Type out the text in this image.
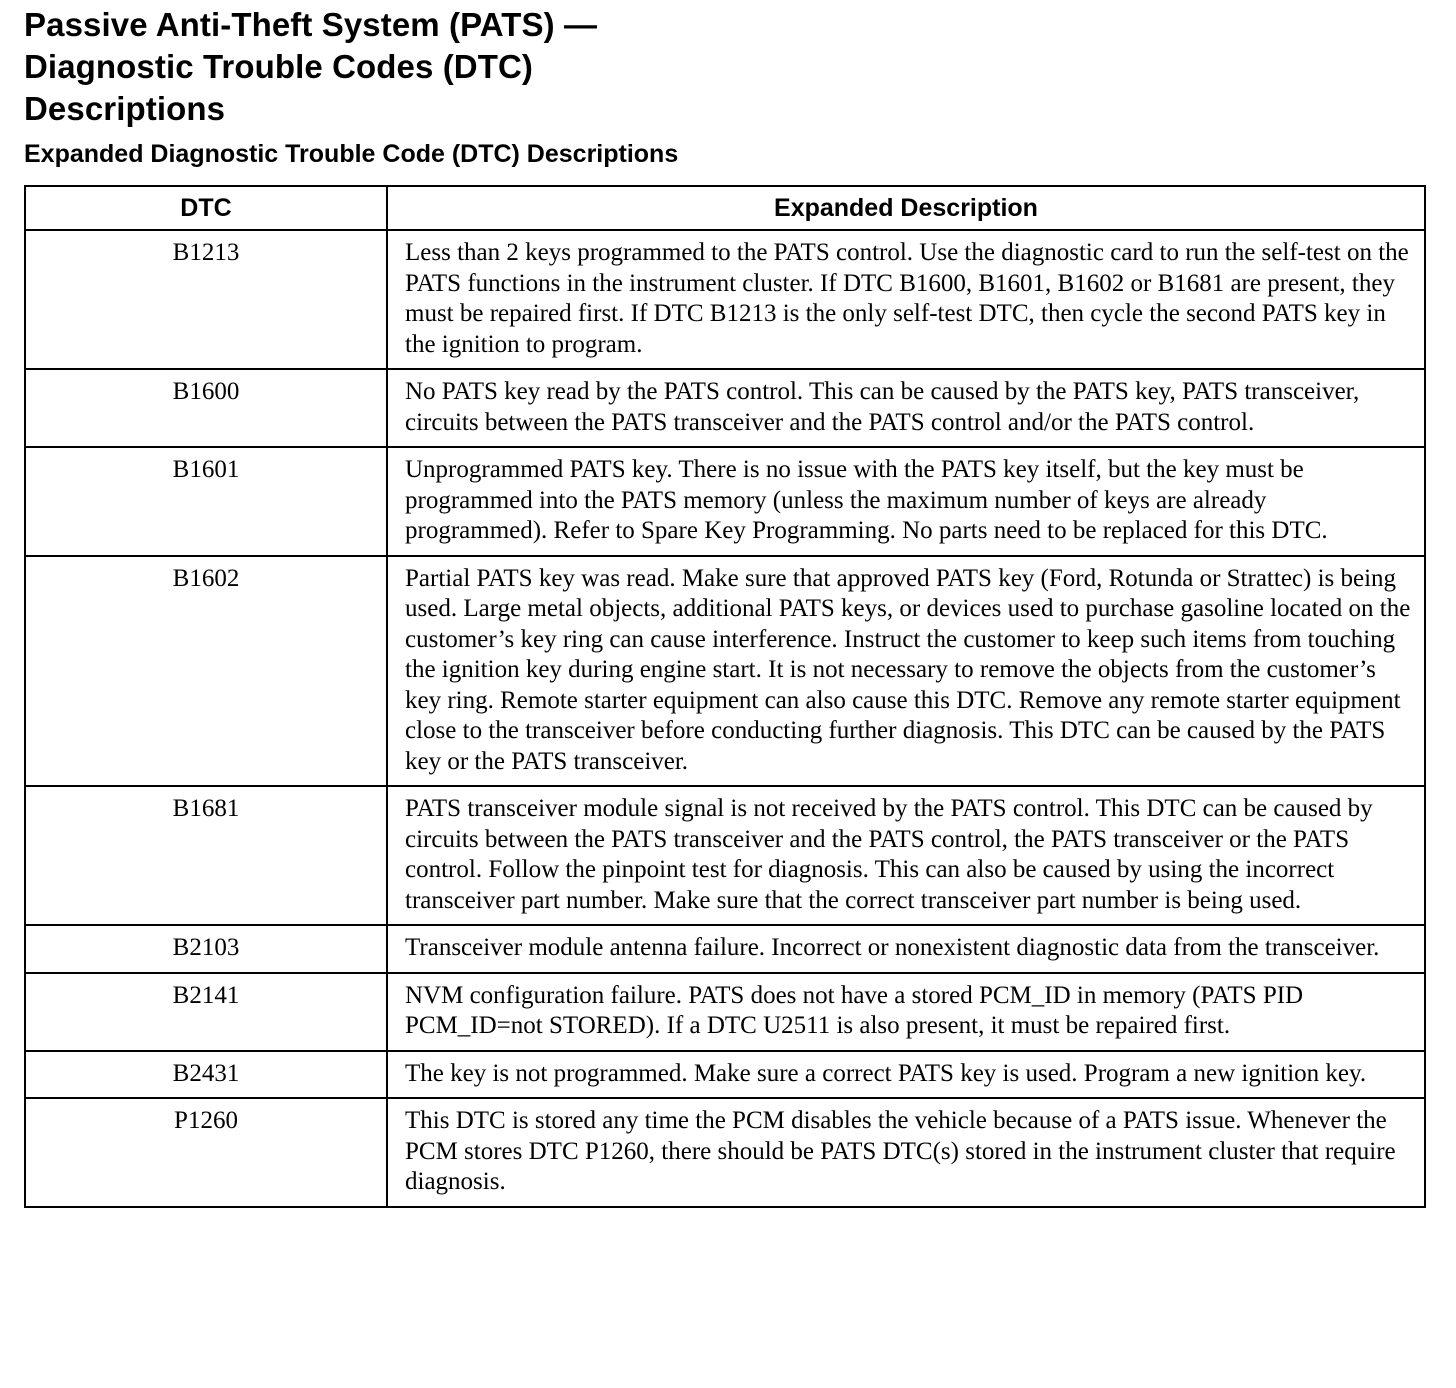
Passive Anti-Theft System (PATS) —
Diagnostic Trouble Codes (DTC)
Descriptions
Expanded Diagnostic Trouble Code (DTC) Descriptions
DTC	Expanded Description
B1213	Less than 2 keys programmed to the PATS control. Use the diagnostic card to run the self-test on the PATS functions in the instrument cluster. If DTC B1600, B1601, B1602 or B1681 are present, they must be repaired first. If DTC B1213 is the only self-test DTC, then cycle the second PATS key in the ignition to program.
B1600	No PATS key read by the PATS control. This can be caused by the PATS key, PATS transceiver, circuits between the PATS transceiver and the PATS control and/or the PATS control.
B1601	Unprogrammed PATS key. There is no issue with the PATS key itself, but the key must be programmed into the PATS memory (unless the maximum number of keys are already programmed). Refer to Spare Key Programming. No parts need to be replaced for this DTC.
B1602	Partial PATS key was read. Make sure that approved PATS key (Ford, Rotunda or Strattec) is being used. Large metal objects, additional PATS keys, or devices used to purchase gasoline located on the customer’s key ring can cause interference. Instruct the customer to keep such items from touching the ignition key during engine start. It is not necessary to remove the objects from the customer’s key ring. Remote starter equipment can also cause this DTC. Remove any remote starter equipment close to the transceiver before conducting further diagnosis. This DTC can be caused by the PATS key or the PATS transceiver.
B1681	PATS transceiver module signal is not received by the PATS control. This DTC can be caused by circuits between the PATS transceiver and the PATS control, the PATS transceiver or the PATS control. Follow the pinpoint test for diagnosis. This can also be caused by using the incorrect transceiver part number. Make sure that the correct transceiver part number is being used.
B2103	Transceiver module antenna failure. Incorrect or nonexistent diagnostic data from the transceiver.
B2141	NVM configuration failure. PATS does not have a stored PCM_ID in memory (PATS PID PCM_ID=not STORED). If a DTC U2511 is also present, it must be repaired first.
B2431	The key is not programmed. Make sure a correct PATS key is used. Program a new ignition key.
P1260	This DTC is stored any time the PCM disables the vehicle because of a PATS issue. Whenever the PCM stores DTC P1260, there should be PATS DTC(s) stored in the instrument cluster that require diagnosis.
